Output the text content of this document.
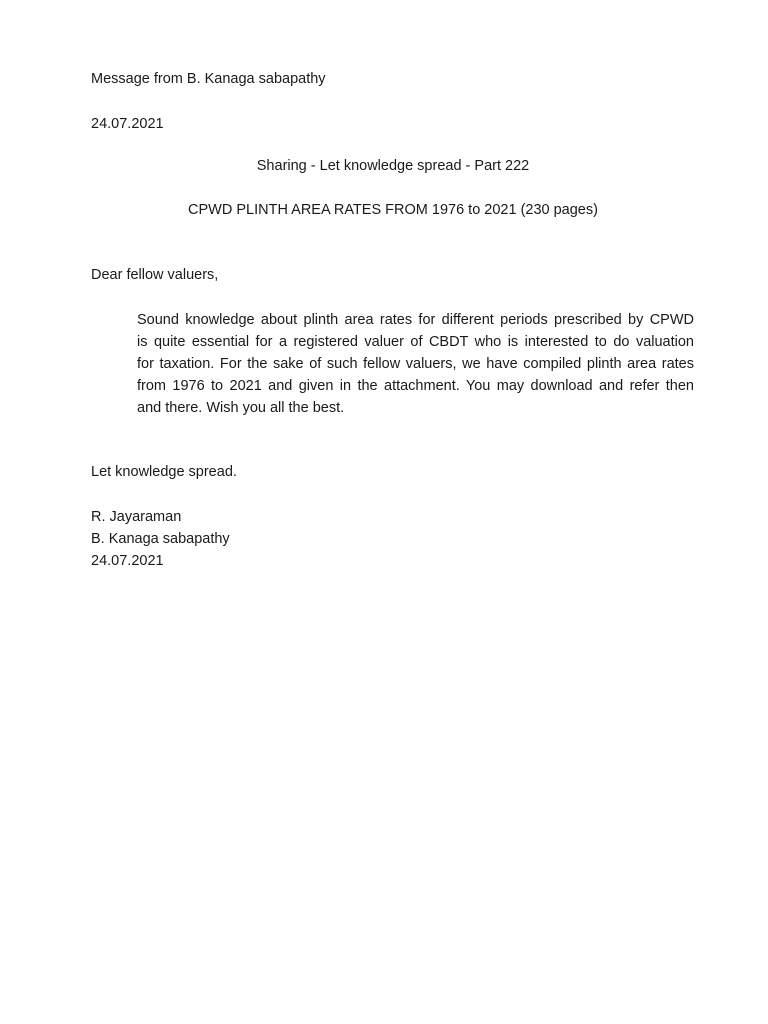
Message from B. Kanaga sabapathy
24.07.2021
Sharing - Let knowledge spread - Part 222
CPWD PLINTH AREA RATES FROM 1976 to 2021 (230 pages)
Dear fellow valuers,
Sound knowledge about plinth area rates for different periods prescribed by CPWD
is quite essential for a registered valuer of CBDT who is interested to do valuation
for taxation. For the sake of such fellow valuers, we have compiled plinth area rates
from 1976 to 2021 and given in the attachment. You may download and refer then
and there. Wish you all the best.
Let knowledge spread.
R. Jayaraman
B. Kanaga sabapathy
24.07.2021
